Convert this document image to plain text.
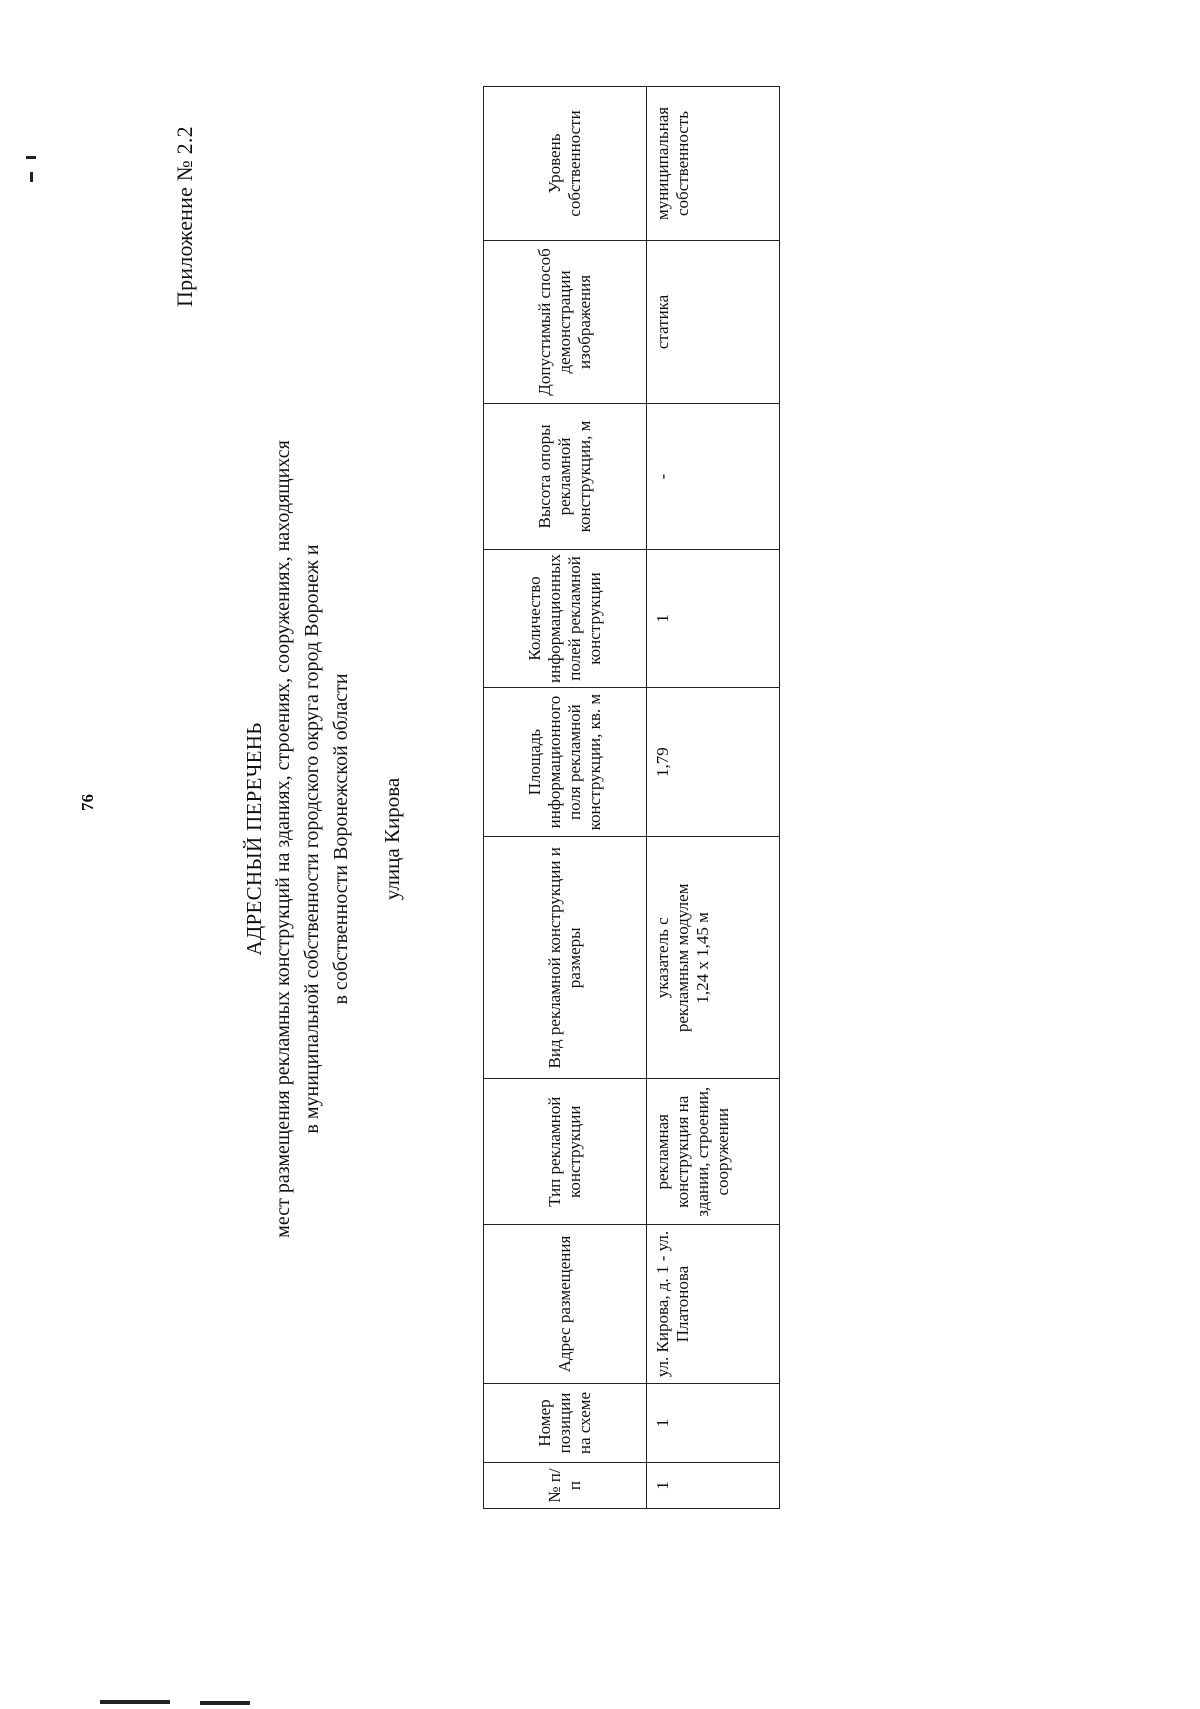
Приложение № 2.2
76	АДРЕСНЫЙ ПЕРЕЧЕНЬ мест размещения рекламных конструкций на зданиях, строениях, сооружениях, находящихся в муниципальной собственности городского округа город Воронеж и в собственности Воронежской области улица Кирова
№ п/п	Номер позиции на схеме	Адрес размещения	Тип рекламной конструкции	Вид рекламной конструкции и размеры	Площадь информационного поля рекламной конструкции, кв. м	Количество информационных полей рекламной конструкции	Высота опоры рекламной конструкции, м	Допустимый способ демонстрации изображения	Уровень собственности
1	1	ул. Кирова, д. 1 - ул. Платонова	рекламная конструкция на здании, строении, сооружении	указатель с рекламным модулем 1,24 х 1,45 м	1,79	1	-	статика	муниципальная собственность
